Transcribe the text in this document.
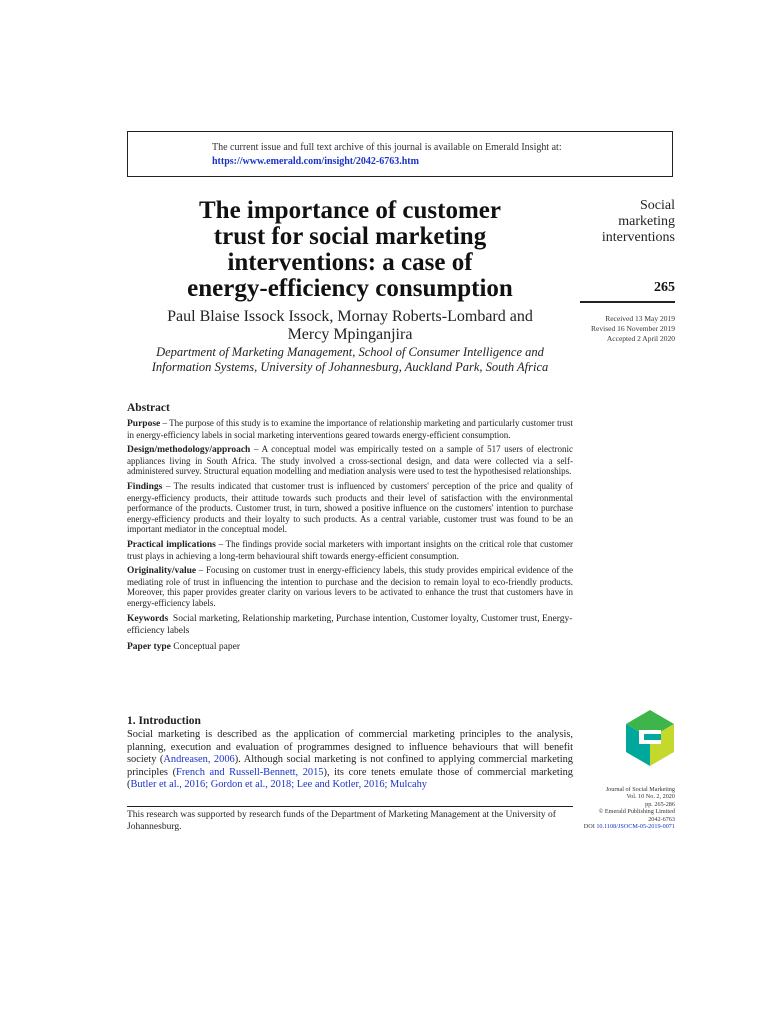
The current issue and full text archive of this journal is available on Emerald Insight at:
https://www.emerald.com/insight/2042-6763.htm
The importance of customer
trust for social marketing
interventions: a case of
energy-efficiency consumption
Paul Blaise Issock Issock, Mornay Roberts-Lombard and
Mercy Mpinganjira
Department of Marketing Management, School of Consumer Intelligence and
Information Systems, University of Johannesburg, Auckland Park, South Africa
Social
marketing
interventions
265
Received 13 May 2019
Revised 16 November 2019
Accepted 2 April 2020
Abstract

Purpose – The purpose of this study is to examine the importance of relationship marketing and particularly customer trust in energy-efficiency labels in social marketing interventions geared towards energy-efficient consumption.

Design/methodology/approach – A conceptual model was empirically tested on a sample of 517 users of electronic appliances living in South Africa. The study involved a cross-sectional design, and data were collected via a self-administered survey. Structural equation modelling and mediation analysis were used to test the hypothesised relationships.

Findings – The results indicated that customer trust is influenced by customers' perception of the price and quality of energy-efficiency products, their attitude towards such products and their level of satisfaction with the environmental performance of the products. Customer trust, in turn, showed a positive influence on the customers' intention to purchase energy-efficiency products and their loyalty to such products. As a central variable, customer trust was found to be an important mediator in the conceptual model.

Practical implications – The findings provide social marketers with important insights on the critical role that customer trust plays in achieving a long-term behavioural shift towards energy-efficient consumption.

Originality/value – Focusing on customer trust in energy-efficiency labels, this study provides empirical evidence of the mediating role of trust in influencing the intention to purchase and the decision to remain loyal to eco-friendly products. Moreover, this paper provides greater clarity on various levers to be activated to enhance the trust that customers have in energy-efficiency labels.

Keywords Social marketing, Relationship marketing, Purchase intention, Customer loyalty, Customer trust, Energy-efficiency labels

Paper type Conceptual paper

1. Introduction

Social marketing is described as the application of commercial marketing principles to the analysis, planning, execution and evaluation of programmes designed to influence behaviours that will benefit society (Andreasen, 2006). Although social marketing is not confined to applying commercial marketing principles (French and Russell-Bennett, 2015), its core tenets emulate those of commercial marketing (Butler et al., 2016; Gordon et al., 2018; Lee and Kotler, 2016; Mulcahy

This research was supported by research funds of the Department of Marketing Management at the University of Johannesburg.
Journal of Social Marketing
Vol. 10 No. 2, 2020
pp. 265-286
© Emerald Publishing Limited
2042-6763
DOI 10.1108/JSOCM-05-2019-0071
